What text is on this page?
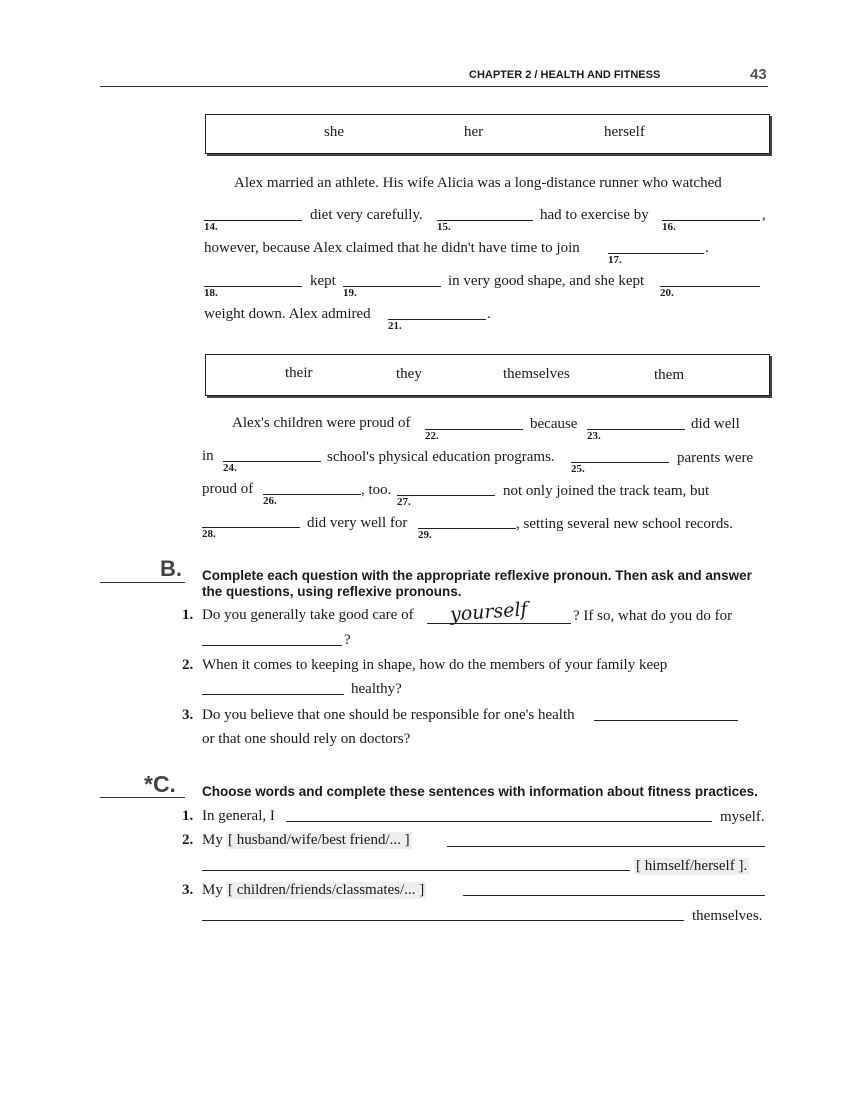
CHAPTER 2 / HEALTH AND FITNESS	43
she	her	herself
Alex married an athlete. His wife Alicia was a long-distance runner who watched
14.
diet very carefully.
15.
had to exercise by
16.
,
however, because Alex claimed that he didn't have time to join
17.
.
18.
kept
19.
in very good shape, and she kept
20.
weight down. Alex admired
21.
.
their	they	themselves	them
Alex's children were proud of
22.
because
23.
did well
in
24.
school's physical education programs.
25.
parents were
proud of
26.
, too.
27.
not only joined the track team, but
28.
did very well for
29.
, setting several new school records.
B. Complete each question with the appropriate reflexive pronoun. Then ask and answer
the questions, using reflexive pronouns.
1. Do you generally take good care of yourself	? If so, what do you do for
?
2. When it comes to keeping in shape, how do the members of your family keep
healthy?
3. Do you believe that one should be responsible for one's health
or that one should rely on doctors?
*C. Choose words and complete these sentences with information about fitness practices.
1. In general, I	myself.
2. My [ husband/wife/best friend/... ]
[ himself/herself ].
3. My [ children/friends/classmates/... ]
themselves.
